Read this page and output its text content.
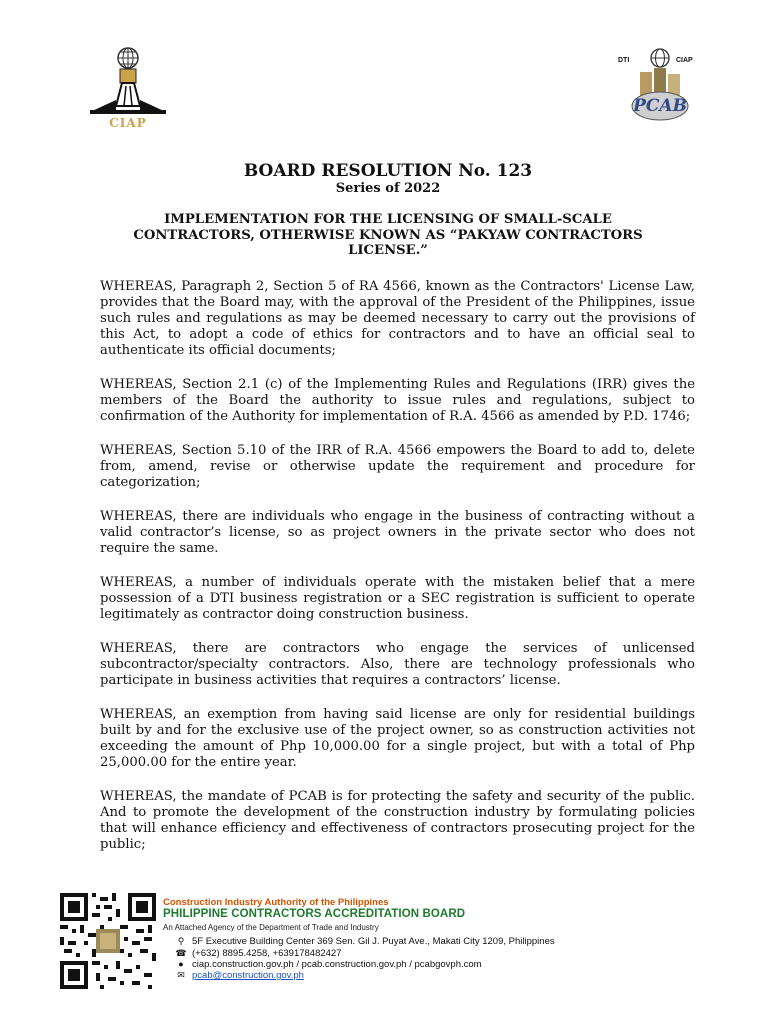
CIAP
DTI	CIAP
PCAB
BOARD RESOLUTION No. 123
Series of 2022
IMPLEMENTATION FOR THE LICENSING OF SMALL-SCALE CONTRACTORS, OTHERWISE KNOWN AS “PAKYAW CONTRACTORS LICENSE.”

WHEREAS, Paragraph 2, Section 5 of RA 4566, known as the Contractors' License Law, provides that the Board may, with the approval of the President of the Philippines, issue such rules and regulations as may be deemed necessary to carry out the provisions of this Act, to adopt a code of ethics for contractors and to have an official seal to authenticate its official documents;

WHEREAS, Section 2.1 (c) of the Implementing Rules and Regulations (IRR) gives the members of the Board the authority to issue rules and regulations, subject to confirmation of the Authority for implementation of R.A. 4566 as amended by P.D. 1746;

WHEREAS, Section 5.10 of the IRR of R.A. 4566 empowers the Board to add to, delete from, amend, revise or otherwise update the requirement and procedure for categorization;

WHEREAS, there are individuals who engage in the business of contracting without a valid contractor’s license, so as project owners in the private sector who does not require the same.

WHEREAS, a number of individuals operate with the mistaken belief that a mere possession of a DTI business registration or a SEC registration is sufficient to operate legitimately as contractor doing construction business.

WHEREAS, there are contractors who engage the services of unlicensed subcontractor/specialty contractors. Also, there are technology professionals who participate in business activities that requires a contractors’ license.

WHEREAS, an exemption from having said license are only for residential buildings built by and for the exclusive use of the project owner, so as construction activities not exceeding the amount of Php 10,000.00 for a single project, but with a total of Php 25,000.00 for the entire year.

WHEREAS, the mandate of PCAB is for protecting the safety and security of the public. And to promote the development of the construction industry by formulating policies that will enhance efficiency and effectiveness of contractors prosecuting project for the public;

Construction Industry Authority of the Philippines
PHILIPPINE CONTRACTORS ACCREDITATION BOARD
An Attached Agency of the Department of Trade and Industry
⚲ 5F Executive Building Center 369 Sen. Gil J. Puyat Ave., Makati City 1209, Philippines
☎ (+632) 8895.4258, +639178482427
● ciap.construction.gov.ph / pcab.construction.gov.ph / pcabgovph.com
✉ pcab@construction.gov.ph
